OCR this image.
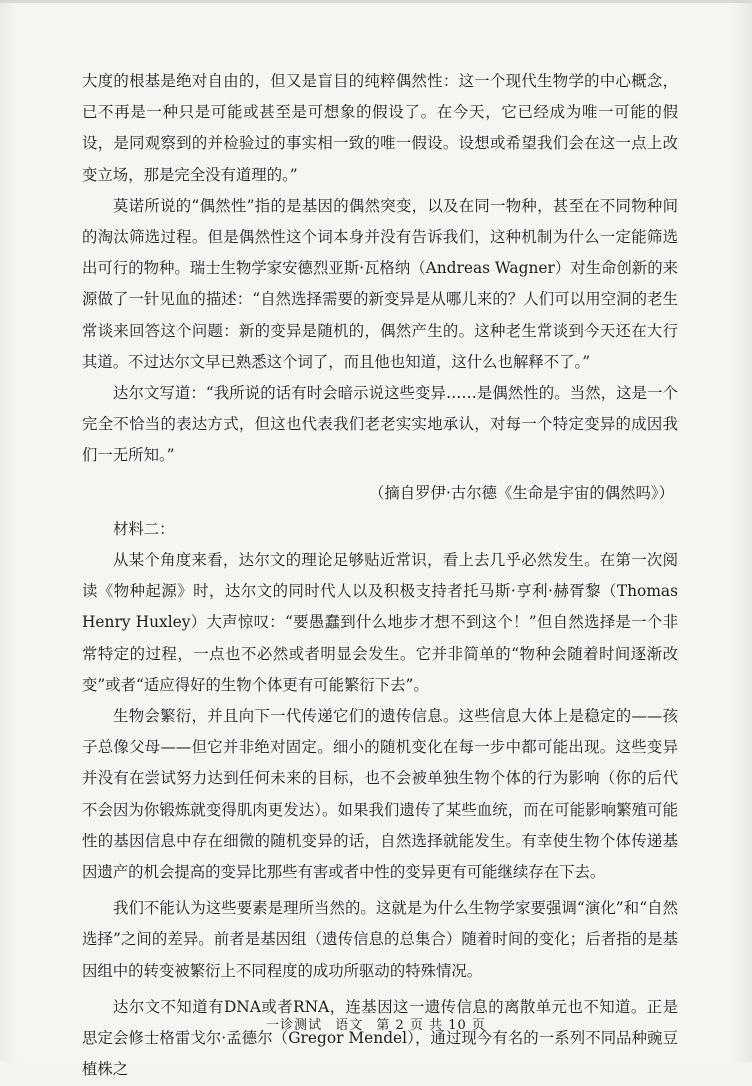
大度的根基是绝对自由的，但又是盲目的纯粹偶然性：这一个现代生物学的中心概念，已不再是一种只是可能或甚至是可想象的假设了。在今天，它已经成为唯一可能的假设，是同观察到的并检验过的事实相一致的唯一假设。设想或希望我们会在这一点上改变立场，那是完全没有道理的。”

莫诺所说的“偶然性”指的是基因的偶然突变，以及在同一物种，甚至在不同物种间的淘汰筛选过程。但是偶然性这个词本身并没有告诉我们，这种机制为什么一定能筛选出可行的物种。瑞士生物学家安德烈亚斯·瓦格纳（Andreas Wagner）对生命创新的来源做了一针见血的描述：“自然选择需要的新变异是从哪儿来的？人们可以用空洞的老生常谈来回答这个问题：新的变异是随机的，偶然产生的。这种老生常谈到今天还在大行其道。不过达尔文早已熟悉这个词了，而且他也知道，这什么也解释不了。”

达尔文写道：“我所说的话有时会暗示说这些变异……是偶然性的。当然，这是一个完全不恰当的表达方式，但这也代表我们老老实实地承认，对每一个特定变异的成因我们一无所知。”

（摘自罗伊·古尔德《生命是宇宙的偶然吗》）

材料二：

从某个角度来看，达尔文的理论足够贴近常识，看上去几乎必然发生。在第一次阅读《物种起源》时，达尔文的同时代人以及积极支持者托马斯·亨利·赫胥黎（Thomas Henry Huxley）大声惊叹：“要愚蠢到什么地步才想不到这个！”但自然选择是一个非常特定的过程，一点也不必然或者明显会发生。它并非简单的“物种会随着时间逐渐改变”或者“适应得好的生物个体更有可能繁衍下去”。

生物会繁衍，并且向下一代传递它们的遗传信息。这些信息大体上是稳定的——孩子总像父母——但它并非绝对固定。细小的随机变化在每一步中都可能出现。这些变异并没有在尝试努力达到任何未来的目标，也不会被单独生物个体的行为影响（你的后代不会因为你锻炼就变得肌肉更发达）。如果我们遗传了某些血统，而在可能影响繁殖可能性的基因信息中存在细微的随机变异的话，自然选择就能发生。有幸使生物个体传递基因遗产的机会提高的变异比那些有害或者中性的变异更有可能继续存在下去。

我们不能认为这些要素是理所当然的。这就是为什么生物学家要强调“演化”和“自然选择”之间的差异。前者是基因组（遗传信息的总集合）随着时间的变化；后者指的是基因组中的转变被繁衍上不同程度的成功所驱动的特殊情况。

达尔文不知道有DNA或者RNA，连基因这一遗传信息的离散单元也不知道。正是思定会修士格雷戈尔·孟德尔（Gregor Mendel），通过现今有名的一系列不同品种豌豆植株之

一诊测试 语文 第 2 页 共 10 页
